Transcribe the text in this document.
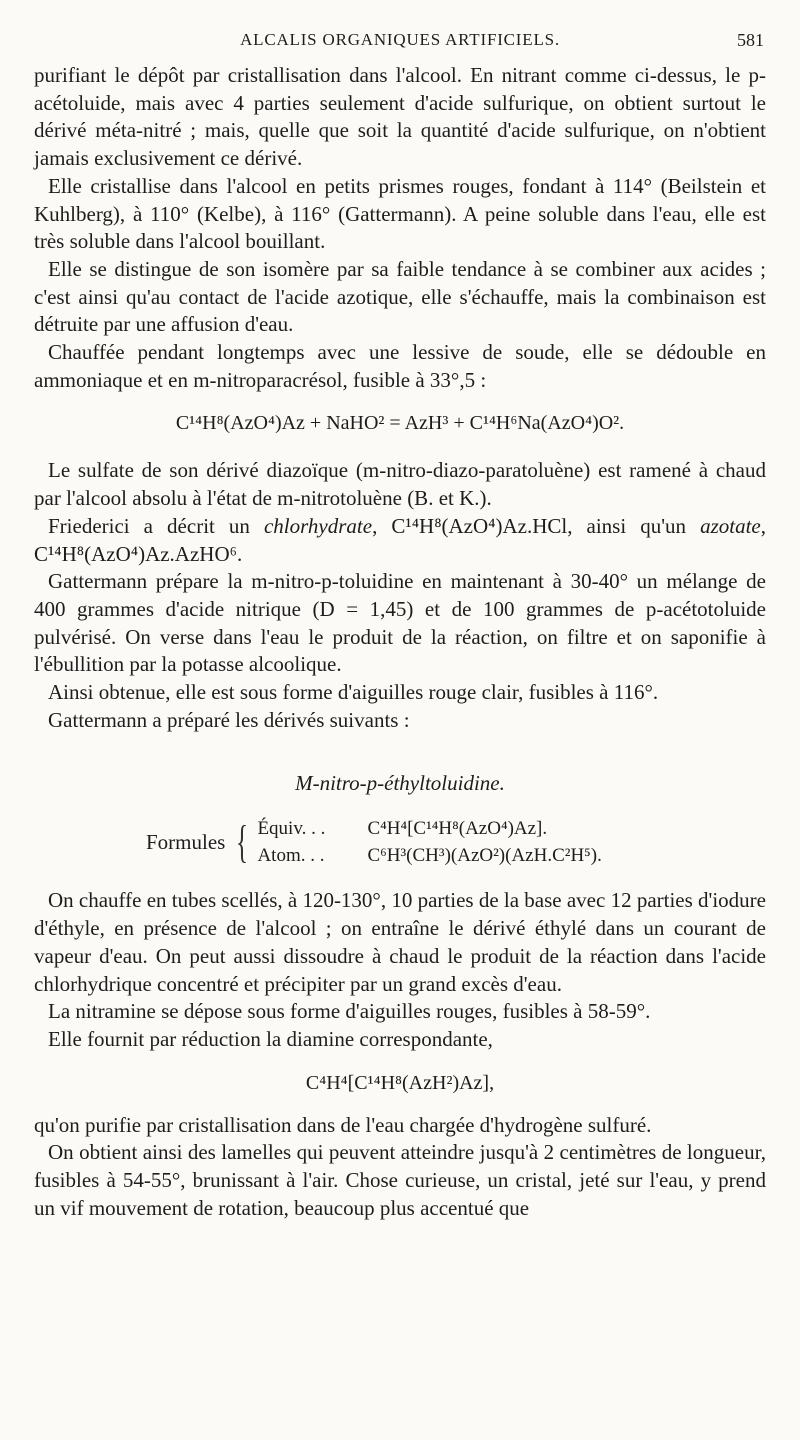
ALCALIS ORGANIQUES ARTIFICIELS.	581

purifiant le dépôt par cristallisation dans l'alcool. En nitrant comme ci-dessus, le p-acétoluide, mais avec 4 parties seulement d'acide sulfurique, on obtient surtout le dérivé méta-nitré ; mais, quelle que soit la quantité d'acide sulfurique, on n'obtient jamais exclusivement ce dérivé.

Elle cristallise dans l'alcool en petits prismes rouges, fondant à 114° (Beilstein et Kuhlberg), à 110° (Kelbe), à 116° (Gattermann). A peine soluble dans l'eau, elle est très soluble dans l'alcool bouillant.

Elle se distingue de son isomère par sa faible tendance à se combiner aux acides ; c'est ainsi qu'au contact de l'acide azotique, elle s'échauffe, mais la combinaison est détruite par une affusion d'eau.

Chauffée pendant longtemps avec une lessive de soude, elle se dédouble en ammoniaque et en m-nitroparacrésol, fusible à 33°,5 :

C¹⁴H⁸(AzO⁴)Az + NaHO² = AzH³ + C¹⁴H⁶Na(AzO⁴)O².

Le sulfate de son dérivé diazoïque (m-nitro-diazo-paratoluène) est ramené à chaud par l'alcool absolu à l'état de m-nitrotoluène (B. et K.).

Friederici a décrit un chlorhydrate, C¹⁴H⁸(AzO⁴)Az.HCl, ainsi qu'un azotate, C¹⁴H⁸(AzO⁴)Az.AzHO⁶.

Gattermann prépare la m-nitro-p-toluidine en maintenant à 30-40° un mélange de 400 grammes d'acide nitrique (D = 1,45) et de 100 grammes de p-acétotoluide pulvérisé. On verse dans l'eau le produit de la réaction, on filtre et on saponifie à l'ébullition par la potasse alcoolique.

Ainsi obtenue, elle est sous forme d'aiguilles rouge clair, fusibles à 116°.

Gattermann a préparé les dérivés suivants :

M-nitro-p-éthyltoluidine.

Formules { Équiv. . .	C⁴H⁴[C¹⁴H⁸(AzO⁴)Az].
Atom. . .	C⁶H³(CH³)(AzO²)(AzH.C²H⁵).

On chauffe en tubes scellés, à 120-130°, 10 parties de la base avec 12 parties d'iodure d'éthyle, en présence de l'alcool ; on entraîne le dérivé éthylé dans un courant de vapeur d'eau. On peut aussi dissoudre à chaud le produit de la réaction dans l'acide chlorhydrique concentré et précipiter par un grand excès d'eau.

La nitramine se dépose sous forme d'aiguilles rouges, fusibles à 58-59°.

Elle fournit par réduction la diamine correspondante,

C⁴H⁴[C¹⁴H⁸(AzH²)Az],

qu'on purifie par cristallisation dans de l'eau chargée d'hydrogène sulfuré.

On obtient ainsi des lamelles qui peuvent atteindre jusqu'à 2 centimètres de longueur, fusibles à 54-55°, brunissant à l'air. Chose curieuse, un cristal, jeté sur l'eau, y prend un vif mouvement de rotation, beaucoup plus accentué que
